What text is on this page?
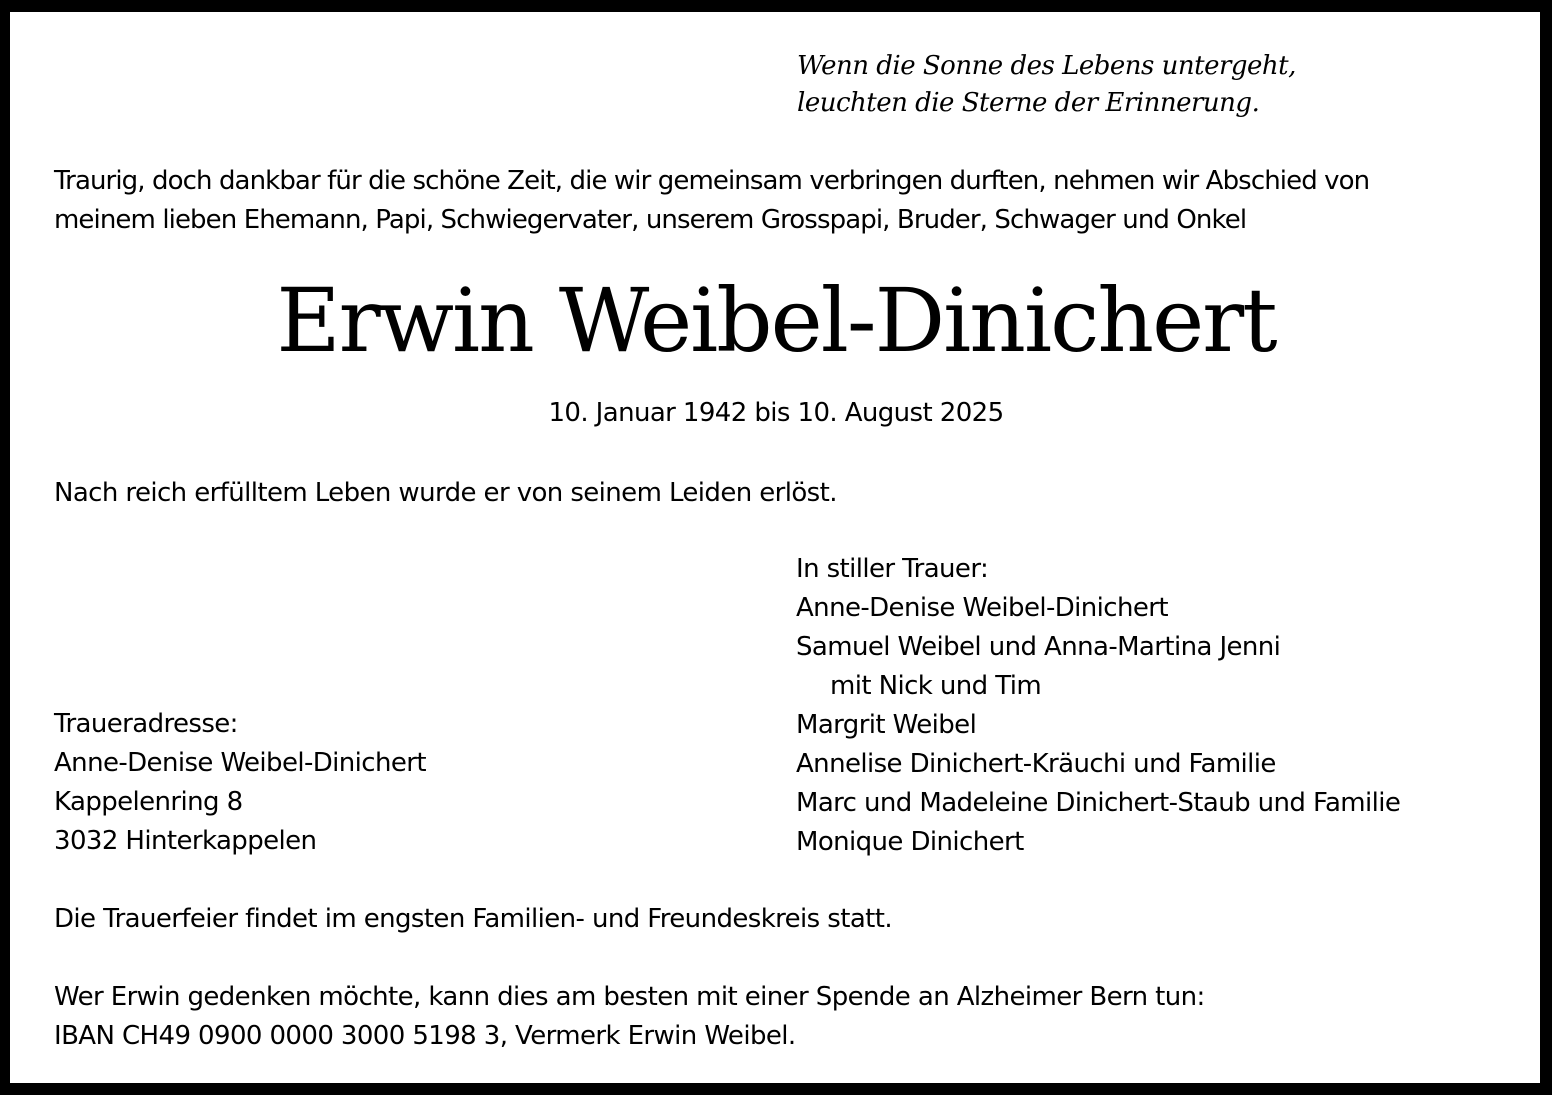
Wenn die Sonne des Lebens untergeht,
leuchten die Sterne der Erinnerung.
Traurig, doch dankbar für die schöne Zeit, die wir gemeinsam verbringen durften, nehmen wir Abschied von
meinem lieben Ehemann, Papi, Schwiegervater, unserem Grosspapi, Bruder, Schwager und Onkel
Erwin Weibel-Dinichert
10. Januar 1942 bis 10. August 2025
Nach reich erfülltem Leben wurde er von seinem Leiden erlöst.
In stiller Trauer:
Anne-Denise Weibel-Dinichert
Samuel Weibel und Anna-Martina Jenni
mit Nick und Tim
Margrit Weibel
Annelise Dinichert-Kräuchi und Familie
Marc und Madeleine Dinichert-Staub und Familie
Monique Dinichert
Traueradresse:
Anne-Denise Weibel-Dinichert
Kappelenring 8
3032 Hinterkappelen
Die Trauerfeier findet im engsten Familien- und Freundeskreis statt.
Wer Erwin gedenken möchte, kann dies am besten mit einer Spende an Alzheimer Bern tun:
IBAN CH49 0900 0000 3000 5198 3, Vermerk Erwin Weibel.
